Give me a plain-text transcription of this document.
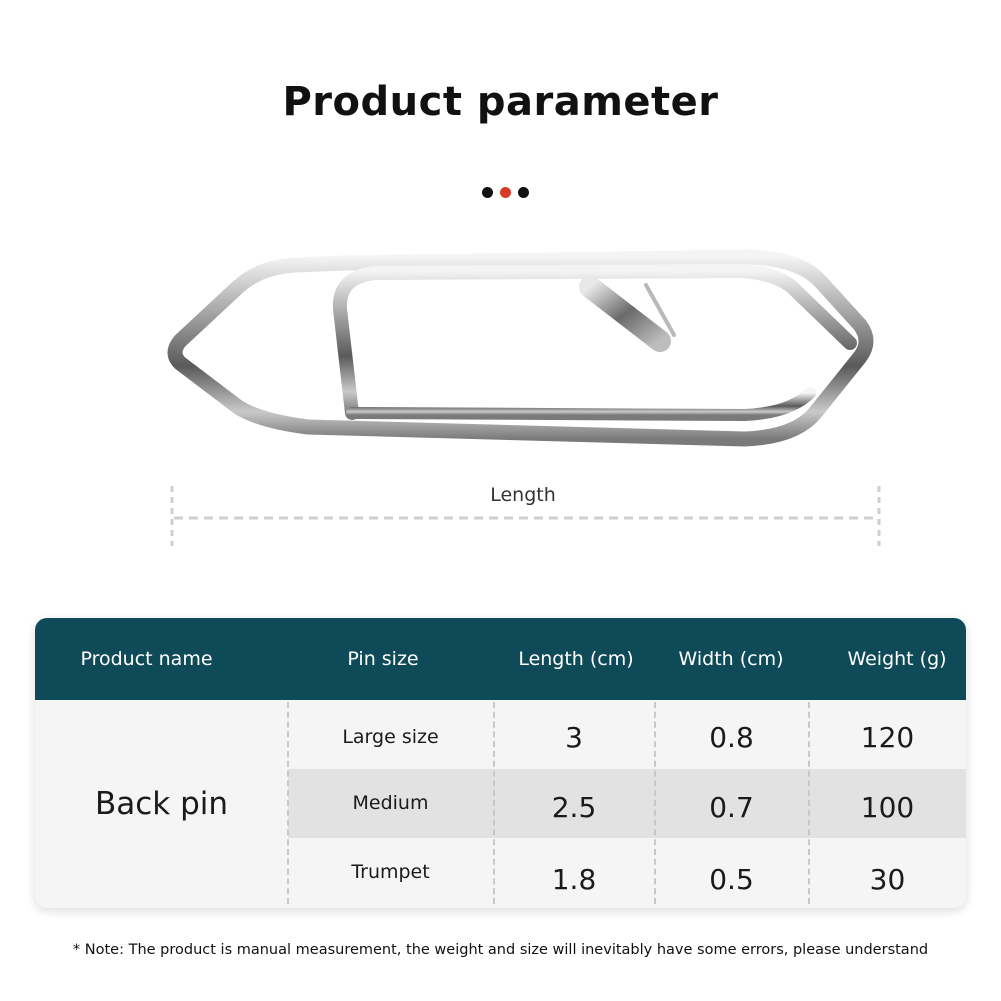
Product parameter
Length
Product name	Pin size	Length (cm)	Width (cm)	Weight (g)
Back pin
Large size	3	0.8	120
Medium	2.5	0.7	100
Trumpet	1.8	0.5	30
* Note: The product is manual measurement, the weight and size will inevitably have some errors, please understand
